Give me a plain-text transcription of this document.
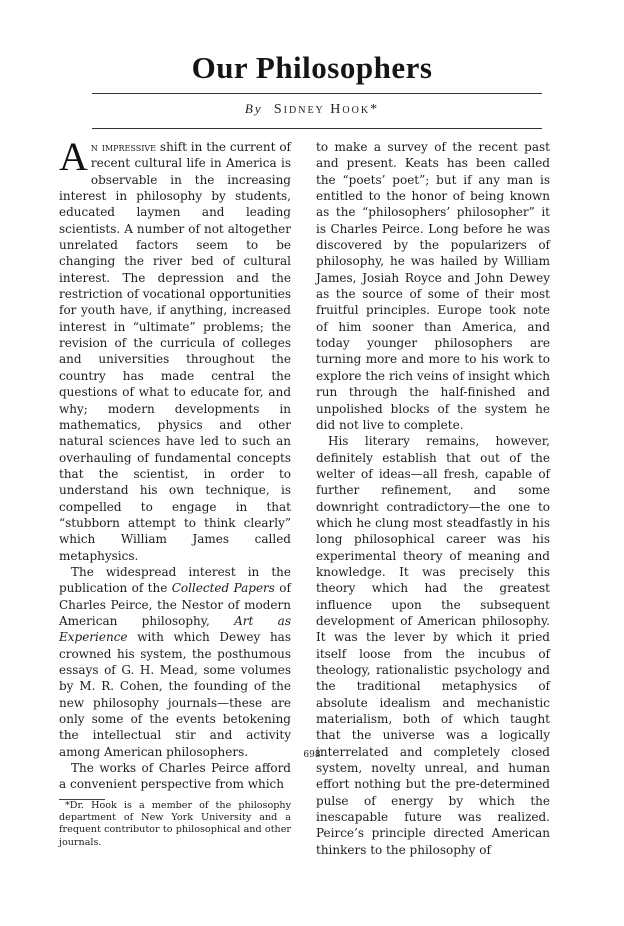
Our Philosophers
By Sidney Hook*

An impressive shift in the current of recent cultural life in America is observable in the increasing interest in philosophy by students, educated laymen and leading scientists. A number of not altogether unrelated factors seem to be changing the river bed of cultural interest. The depression and the restriction of vocational opportunities for youth have, if anything, increased interest in “ultimate” problems; the revision of the curricula of colleges and universities throughout the country has made central the questions of what to educate for, and why; modern developments in mathematics, physics and other natural sciences have led to such an overhauling of fundamental concepts that the scientist, in order to understand his own technique, is compelled to engage in that “stubborn attempt to think clearly” which William James called metaphysics.

The widespread interest in the publication of the Collected Papers of Charles Peirce, the Nestor of modern American philosophy, Art as Experience with which Dewey has crowned his system, the posthumous essays of G. H. Mead, some volumes by M. R. Cohen, the founding of the new philosophy journals—these are only some of the events betokening the intellectual stir and activity among American philosophers.

The works of Charles Peirce afford a convenient perspective from which

*Dr. Hook is a member of the philosophy department of New York University and a frequent contributor to philosophical and other journals.

to make a survey of the recent past and present. Keats has been called the “poets’ poet”; but if any man is entitled to the honor of being known as the “philosophers’ philosopher” it is Charles Peirce. Long before he was discovered by the popularizers of philosophy, he was hailed by William James, Josiah Royce and John Dewey as the source of some of their most fruitful principles. Europe took note of him sooner than America, and today younger philosophers are turning more and more to his work to explore the rich veins of insight which run through the half-finished and unpolished blocks of the system he did not live to complete.

His literary remains, however, definitely establish that out of the welter of ideas—all fresh, capable of further refinement, and some downright contradictory—the one to which he clung most steadfastly in his long philosophical career was his experimental theory of meaning and knowledge. It was precisely this theory which had the greatest influence upon the subsequent development of American philosophy. It was the lever by which it pried itself loose from the incubus of theology, rationalistic psychology and the traditional metaphysics of absolute idealism and mechanistic materialism, both of which taught that the universe was a logically interrelated and completely closed system, novelty unreal, and human effort nothing but the pre-determined pulse of energy by which the inescapable future was realized. Peirce’s principle directed American thinkers to the philosophy of

698
